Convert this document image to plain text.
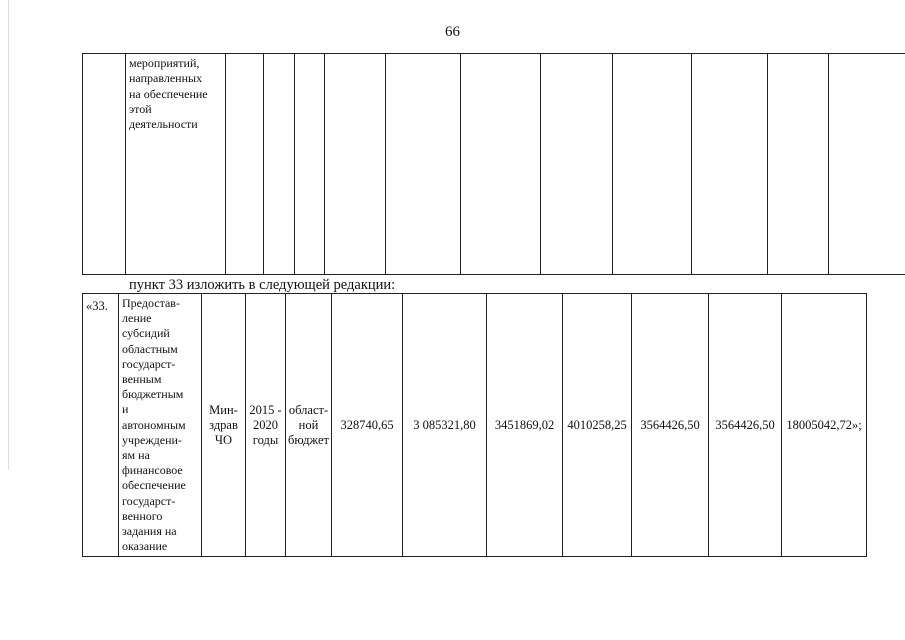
66

мероприятий,
направленных
на обеспечение
этой
деятельности

пункт 33 изложить в следующей редакции:
«33.	Предостав-
ление
субсидий
областным
государст-
венным
бюджетным
и
автономным
учреждени-
ям на
финансовое
обеспечение
государст-
венного
задания на
оказание
	Мин-
здрав
ЧО	2015 -
2020
годы	област-
ной
бюджет	328740,65	3 085321,80	3451869,02	4010258,25	3564426,50	3564426,50	18005042,72»;
